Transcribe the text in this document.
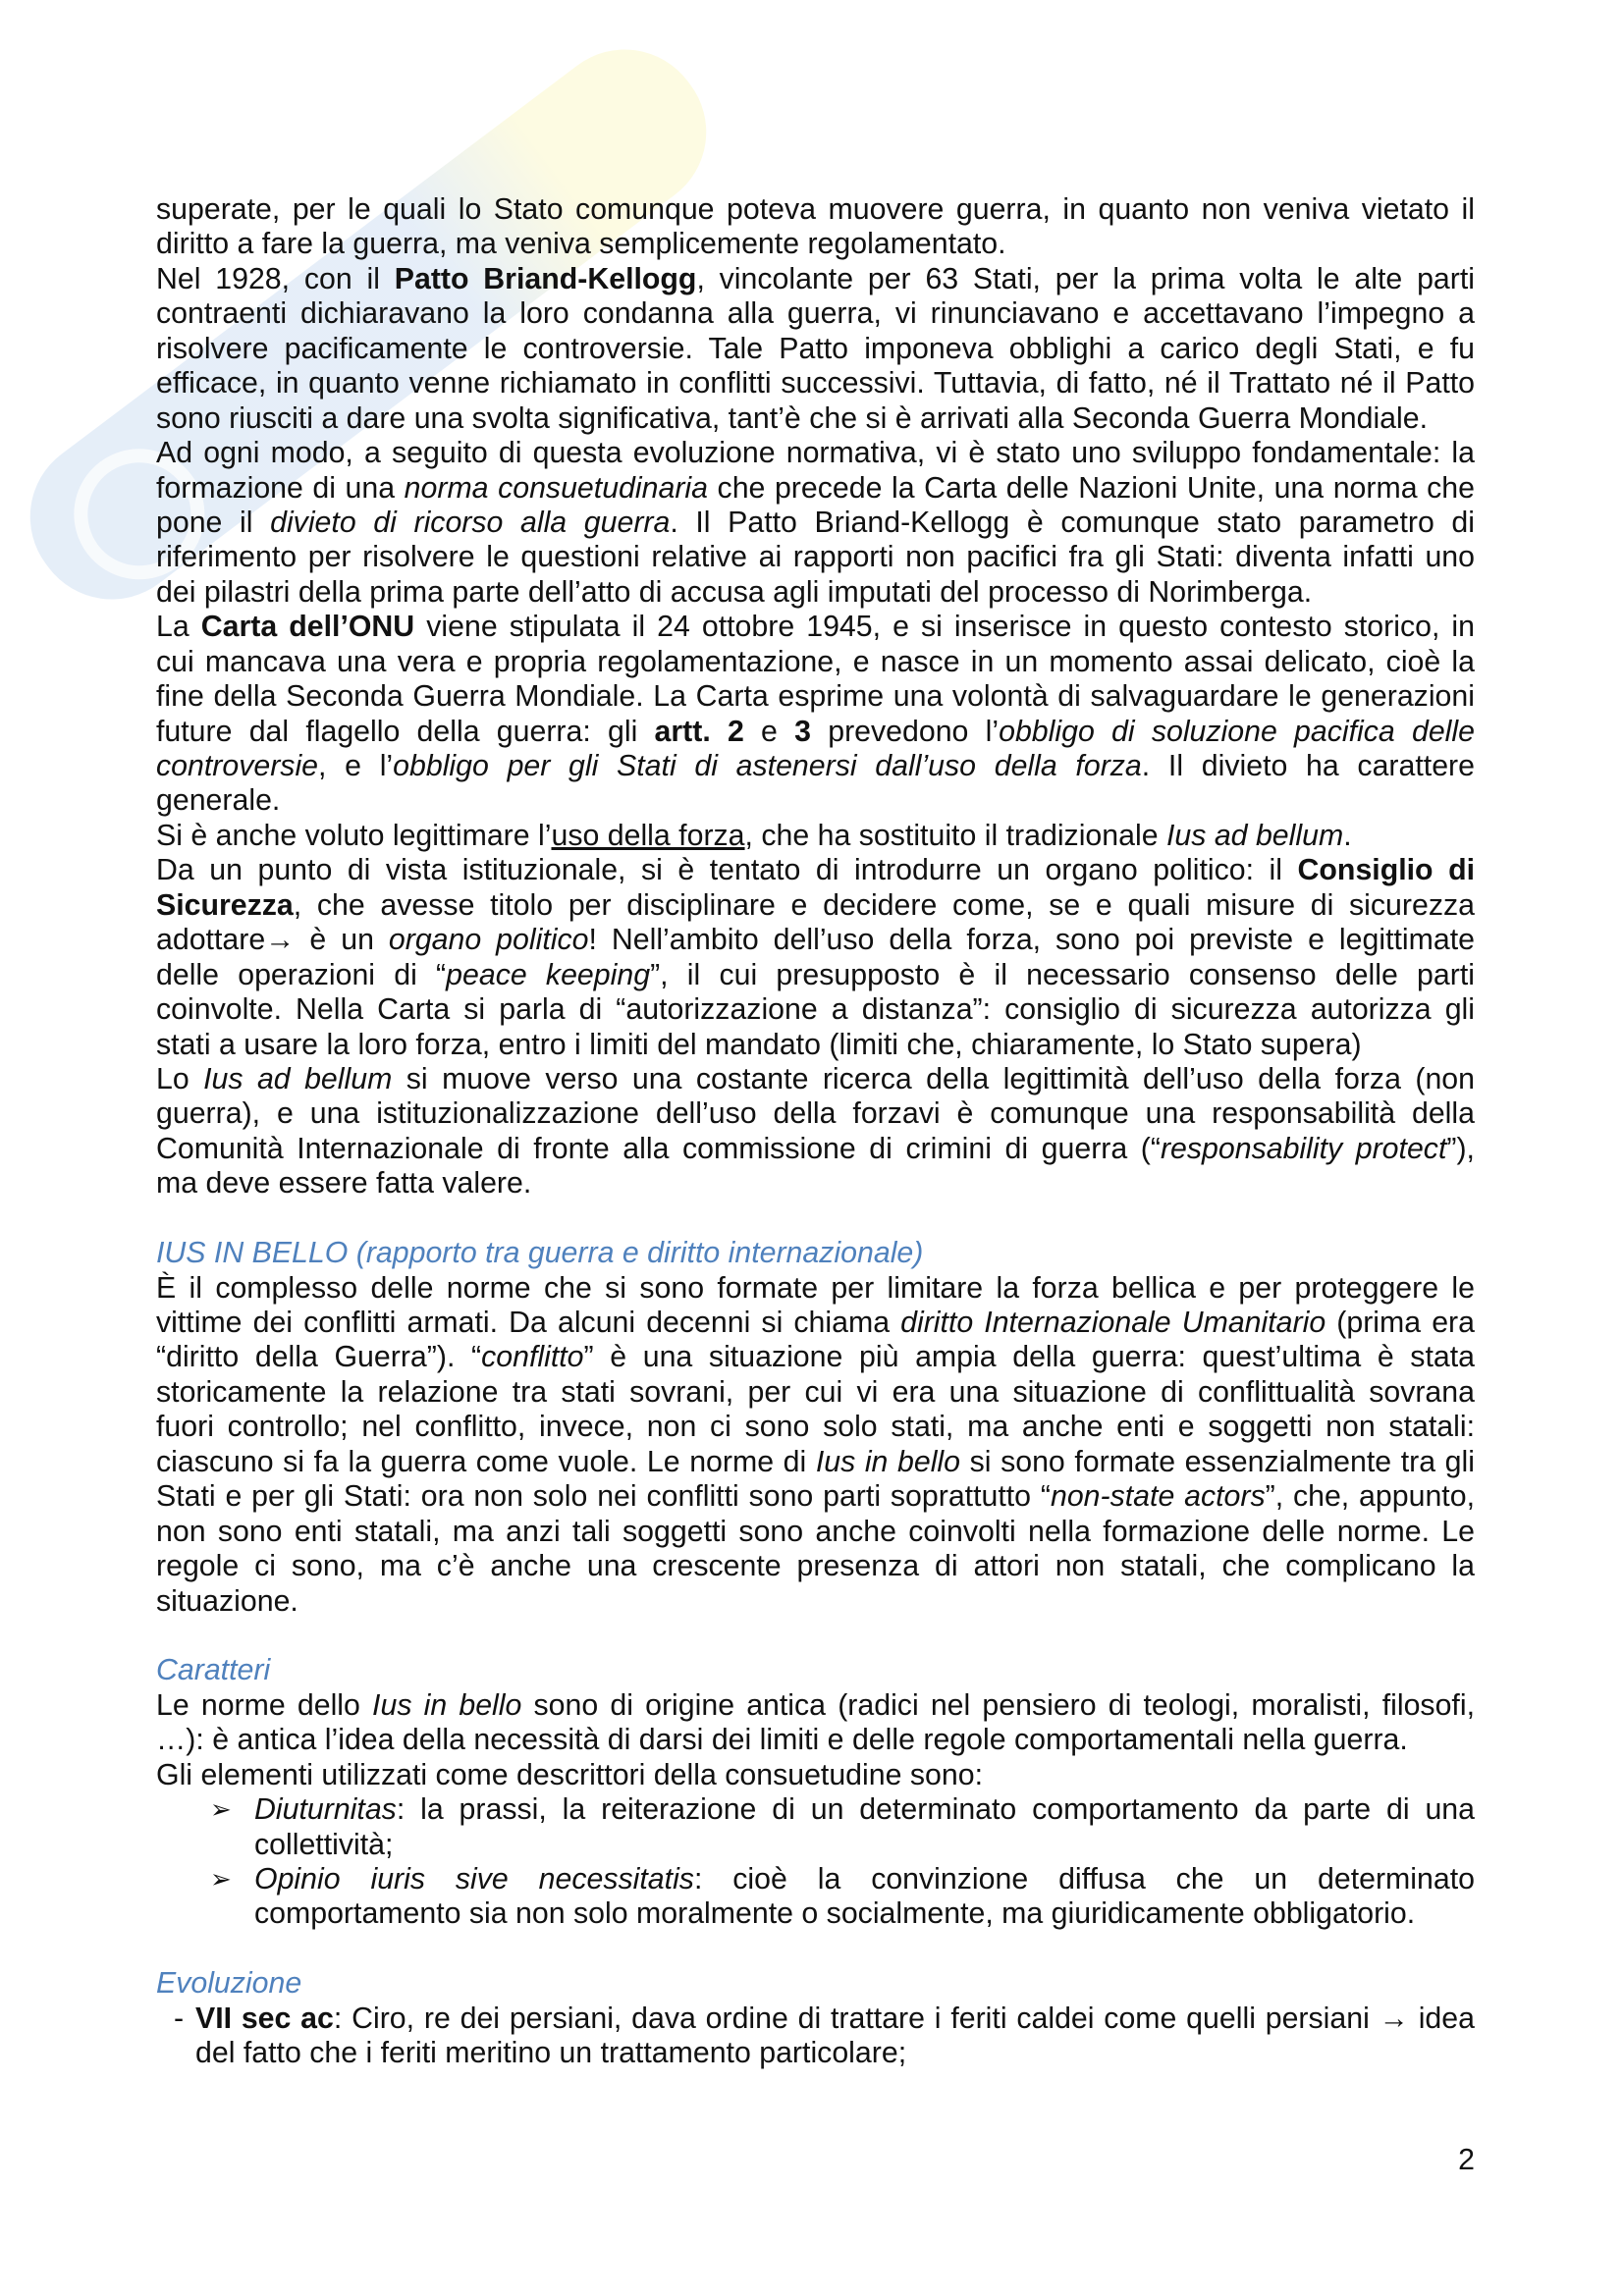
superate, per le quali lo Stato comunque poteva muovere guerra, in quanto non veniva vietato il
diritto a fare la guerra, ma veniva semplicemente regolamentato.
Nel 1928, con il Patto Briand-Kellogg, vincolante per 63 Stati, per la prima volta le alte parti
contraenti dichiaravano la loro condanna alla guerra, vi rinunciavano e accettavano l’impegno a
risolvere pacificamente le controversie. Tale Patto imponeva obblighi a carico degli Stati, e fu
efficace, in quanto venne richiamato in conflitti successivi. Tuttavia, di fatto, né il Trattato né il Patto
sono riusciti a dare una svolta significativa, tant’è che si è arrivati alla Seconda Guerra Mondiale.
Ad ogni modo, a seguito di questa evoluzione normativa, vi è stato uno sviluppo fondamentale: la
formazione di una norma consuetudinaria che precede la Carta delle Nazioni Unite, una norma che
pone il divieto di ricorso alla guerra. Il Patto Briand-Kellogg è comunque stato parametro di
riferimento per risolvere le questioni relative ai rapporti non pacifici fra gli Stati: diventa infatti uno
dei pilastri della prima parte dell’atto di accusa agli imputati del processo di Norimberga.
La Carta dell’ONU viene stipulata il 24 ottobre 1945, e si inserisce in questo contesto storico, in
cui mancava una vera e propria regolamentazione, e nasce in un momento assai delicato, cioè la
fine della Seconda Guerra Mondiale. La Carta esprime una volontà di salvaguardare le generazioni
future dal flagello della guerra: gli artt. 2 e 3 prevedono l’obbligo di soluzione pacifica delle
controversie, e l’obbligo per gli Stati di astenersi dall’uso della forza. Il divieto ha carattere
generale.
Si è anche voluto legittimare l’uso della forza, che ha sostituito il tradizionale Ius ad bellum.
Da un punto di vista istituzionale, si è tentato di introdurre un organo politico: il Consiglio di
Sicurezza, che avesse titolo per disciplinare e decidere come, se e quali misure di sicurezza
adottare→ è un organo politico! Nell’ambito dell’uso della forza, sono poi previste e legittimate
delle operazioni di “peace keeping”, il cui presupposto è il necessario consenso delle parti
coinvolte. Nella Carta si parla di “autorizzazione a distanza”: consiglio di sicurezza autorizza gli
stati a usare la loro forza, entro i limiti del mandato (limiti che, chiaramente, lo Stato supera)
Lo Ius ad bellum si muove verso una costante ricerca della legittimità dell’uso della forza (non
guerra), e una istituzionalizzazione dell’uso della forzavi è comunque una responsabilità della
Comunità Internazionale di fronte alla commissione di crimini di guerra (“responsability protect”),
ma deve essere fatta valere.
IUS IN BELLO (rapporto tra guerra e diritto internazionale)
È il complesso delle norme che si sono formate per limitare la forza bellica e per proteggere le
vittime dei conflitti armati. Da alcuni decenni si chiama diritto Internazionale Umanitario (prima era
“diritto della Guerra”). “conflitto” è una situazione più ampia della guerra: quest’ultima è stata
storicamente la relazione tra stati sovrani, per cui vi era una situazione di conflittualità sovrana
fuori controllo; nel conflitto, invece, non ci sono solo stati, ma anche enti e soggetti non statali:
ciascuno si fa la guerra come vuole. Le norme di Ius in bello si sono formate essenzialmente tra gli
Stati e per gli Stati: ora non solo nei conflitti sono parti soprattutto “non-state actors”, che, appunto,
non sono enti statali, ma anzi tali soggetti sono anche coinvolti nella formazione delle norme. Le
regole ci sono, ma c’è anche una crescente presenza di attori non statali, che complicano la
situazione.
Caratteri
Le norme dello Ius in bello sono di origine antica (radici nel pensiero di teologi, moralisti, filosofi,
…): è antica l’idea della necessità di darsi dei limiti e delle regole comportamentali nella guerra.
Gli elementi utilizzati come descrittori della consuetudine sono:
➢ Diuturnitas: la prassi, la reiterazione di un determinato comportamento da parte di una
collettività;
➢ Opinio iuris sive necessitatis: cioè la convinzione diffusa che un determinato
comportamento sia non solo moralmente o socialmente, ma giuridicamente obbligatorio.
Evoluzione
- VII sec ac: Ciro, re dei persiani, dava ordine di trattare i feriti caldei come quelli persiani → idea
del fatto che i feriti meritino un trattamento particolare;
2
